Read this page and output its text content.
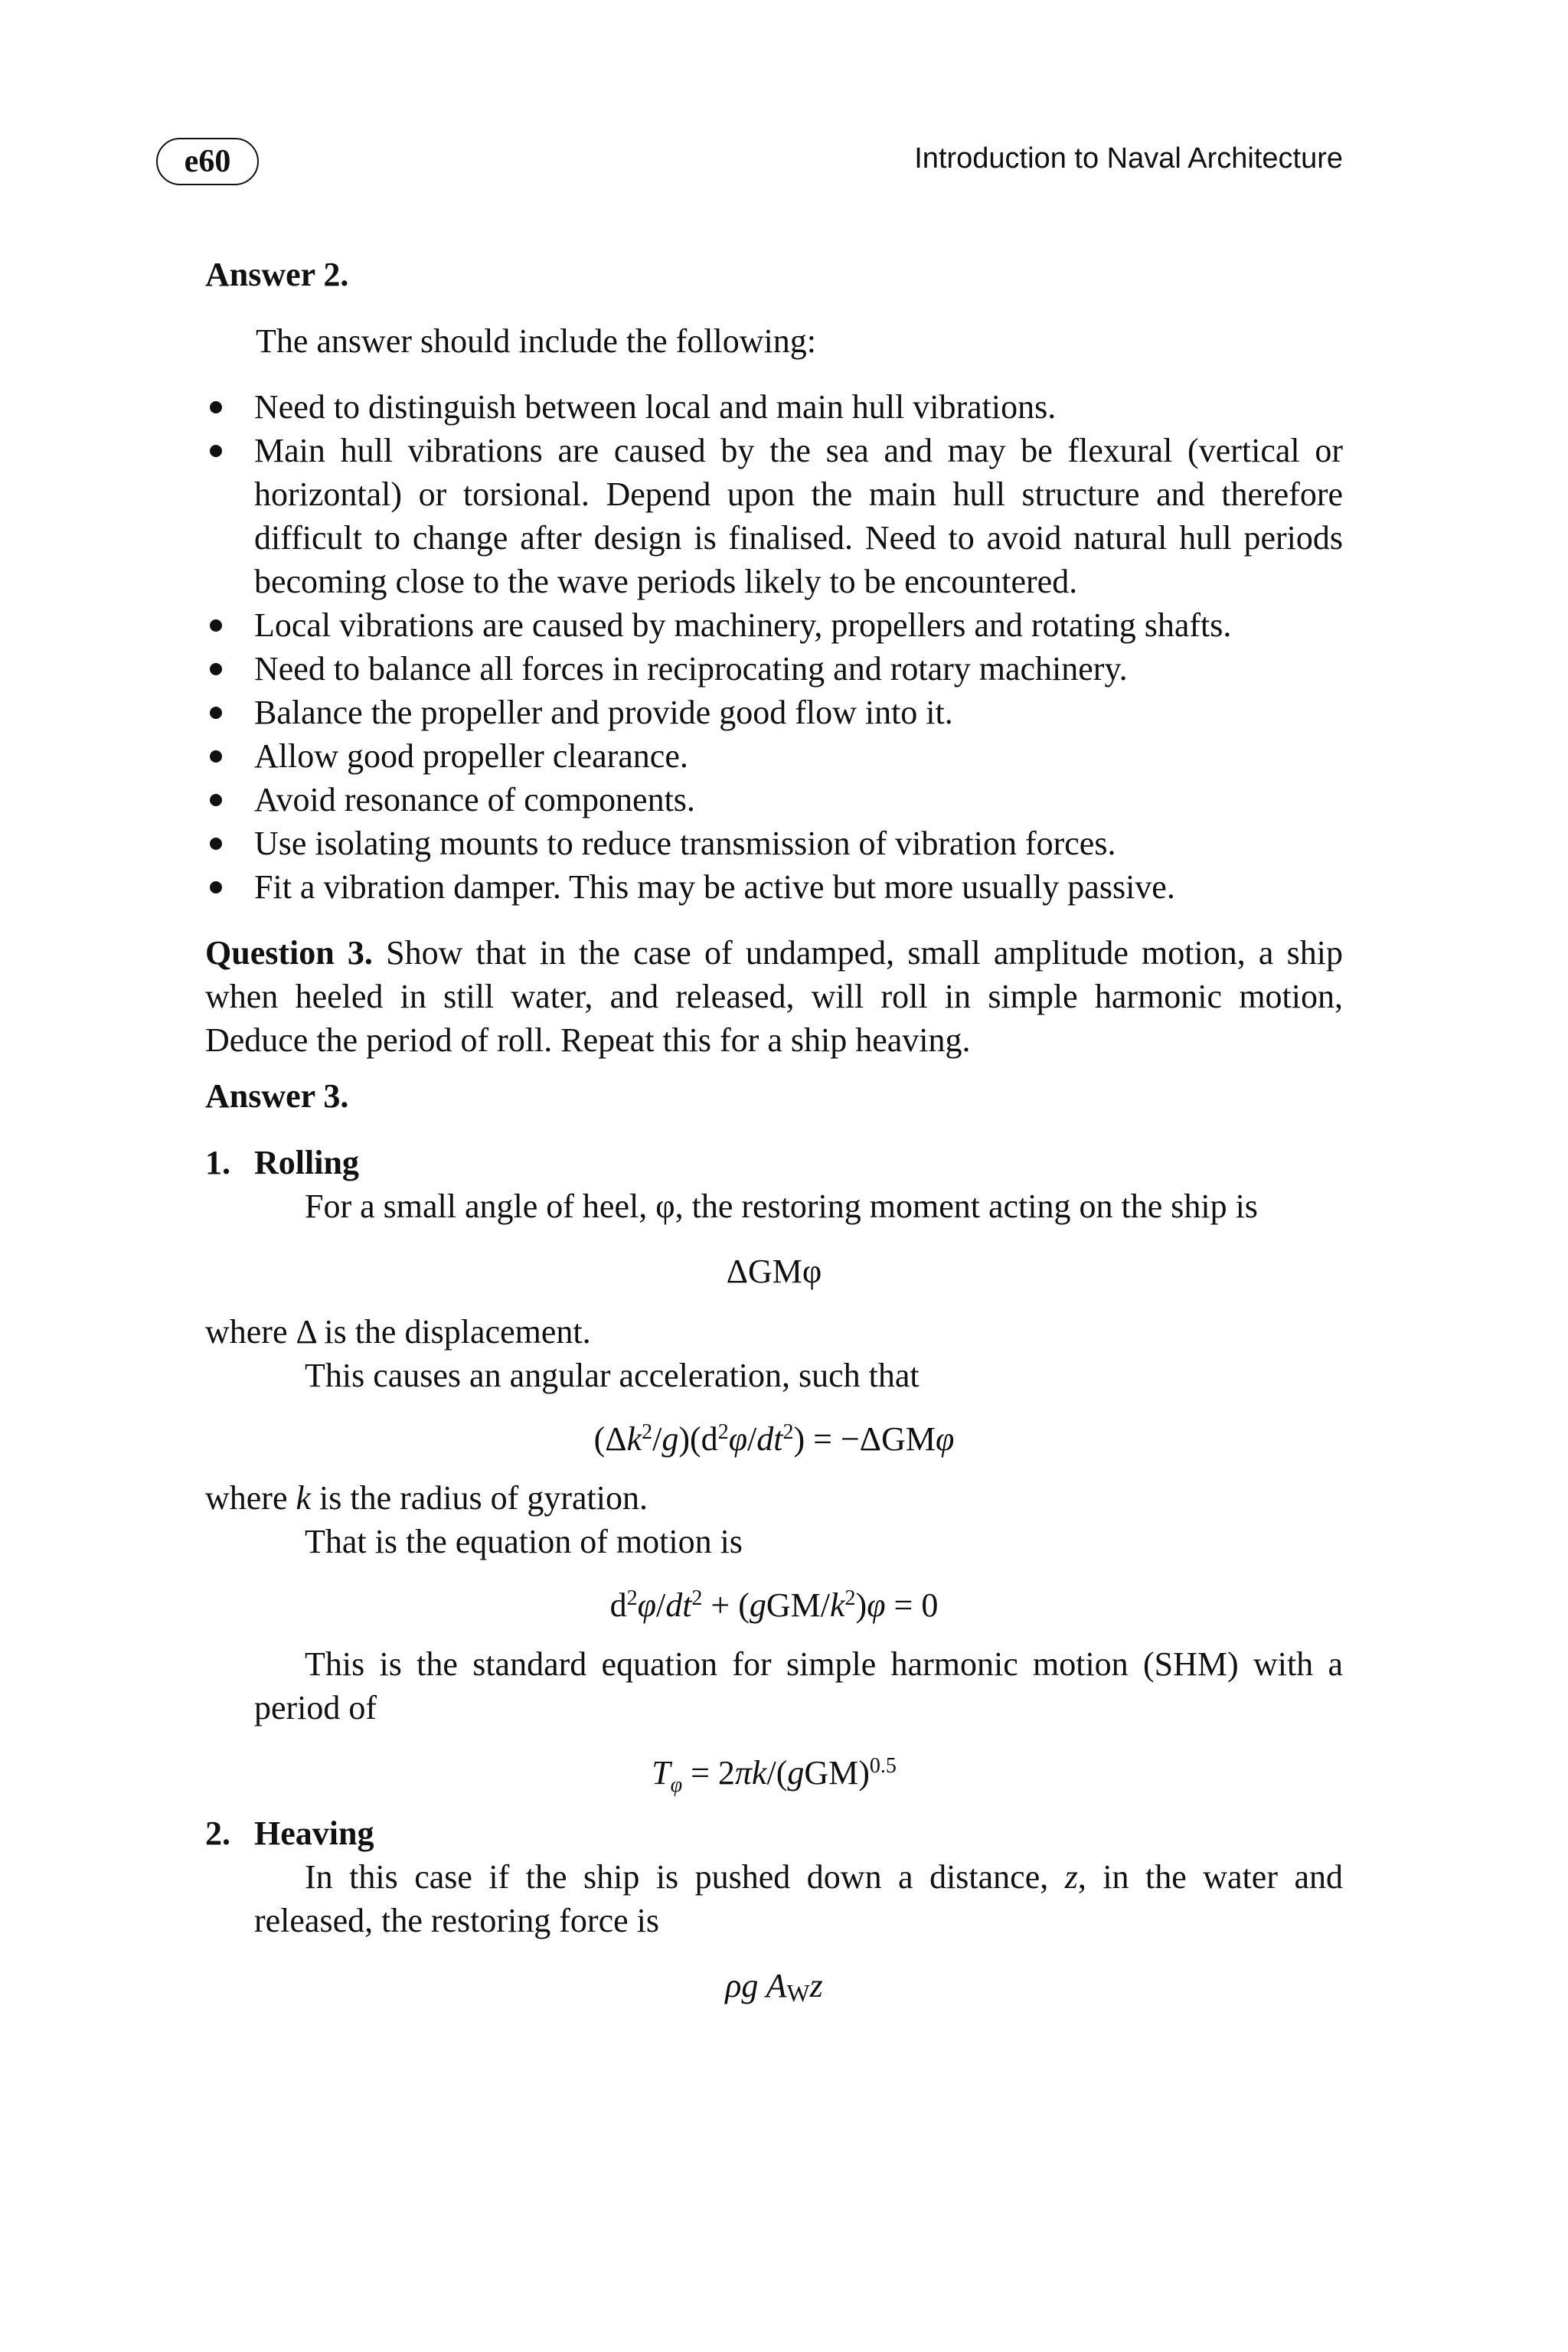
e60	Introduction to Naval Architecture

Answer 2.

The answer should include the following:

Need to distinguish between local and main hull vibrations.
Main hull vibrations are caused by the sea and may be flexural (vertical or horizontal) or torsional. Depend upon the main hull structure and therefore difficult to change after design is finalised. Need to avoid natural hull periods becoming close to the wave periods likely to be encountered.
Local vibrations are caused by machinery, propellers and rotating shafts.
Need to balance all forces in reciprocating and rotary machinery.
Balance the propeller and provide good flow into it.
Allow good propeller clearance.
Avoid resonance of components.
Use isolating mounts to reduce transmission of vibration forces.
Fit a vibration damper. This may be active but more usually passive.

Question 3. Show that in the case of undamped, small amplitude motion, a ship when heeled in still water, and released, will roll in simple harmonic motion, Deduce the period of roll. Repeat this for a ship heaving.

Answer 3.

1. Rolling

For a small angle of heel, φ, the restoring moment acting on the ship is

ΔGMφ

where Δ is the displacement.

This causes an angular acceleration, such that

$(\Delta k^2/g)(d^2\varphi/dt^2) = -\Delta GM\varphi$

where k is the radius of gyration.

That is the equation of motion is

$d^2\varphi/dt^2 + (gGM/k^2)\varphi = 0$

This is the standard equation for simple harmonic motion (SHM) with a period of

$T_\varphi = 2\pi k/(gGM)^{0.5}$

2. Heaving

In this case if the ship is pushed down a distance, z, in the water and released, the restoring force is

ρg AWz
